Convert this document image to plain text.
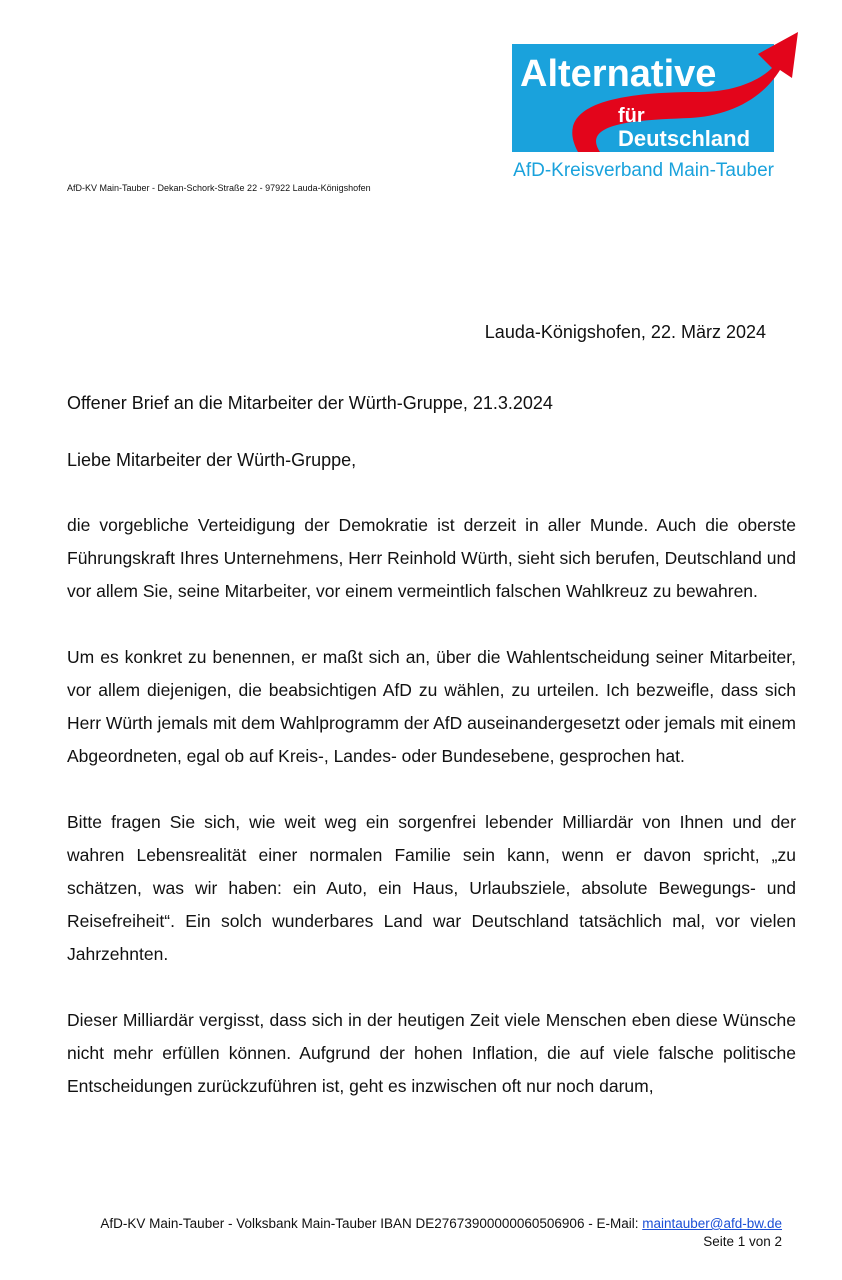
Alternative
für
Deutschland
AfD-Kreisverband Main-Tauber
AfD-KV Main-Tauber - Dekan-Schork-Straße 22 - 97922 Lauda-Königshofen
Lauda-Königshofen, 22. März 2024
Offener Brief an die Mitarbeiter der Würth-Gruppe, 21.3.2024
Liebe Mitarbeiter der Würth-Gruppe,

die vorgebliche Verteidigung der Demokratie ist derzeit in aller Munde. Auch die oberste Führungskraft Ihres Unternehmens, Herr Reinhold Würth, sieht sich berufen, Deutschland und vor allem Sie, seine Mitarbeiter, vor einem vermeintlich falschen Wahlkreuz zu bewahren.

Um es konkret zu benennen, er maßt sich an, über die Wahlentscheidung seiner Mitarbeiter, vor allem diejenigen, die beabsichtigen AfD zu wählen, zu urteilen. Ich bezweifle, dass sich Herr Würth jemals mit dem Wahlprogramm der AfD auseinandergesetzt oder jemals mit einem Abgeordneten, egal ob auf Kreis-, Landes- oder Bundesebene, gesprochen hat.

Bitte fragen Sie sich, wie weit weg ein sorgenfrei lebender Milliardär von Ihnen und der wahren Lebensrealität einer normalen Familie sein kann, wenn er davon spricht, „zu schätzen, was wir haben: ein Auto, ein Haus, Urlaubsziele, absolute Bewegungs- und Reisefreiheit“. Ein solch wunderbares Land war Deutschland tatsächlich mal, vor vielen Jahrzehnten.

Dieser Milliardär vergisst, dass sich in der heutigen Zeit viele Menschen eben diese Wünsche nicht mehr erfüllen können. Aufgrund der hohen Inflation, die auf viele falsche politische Entscheidungen zurückzuführen ist, geht es inzwischen oft nur noch darum,

AfD-KV Main-Tauber - Volksbank Main-Tauber IBAN DE27673900000060506906 - E-Mail: maintauber@afd-bw.de
Seite 1 von 2
